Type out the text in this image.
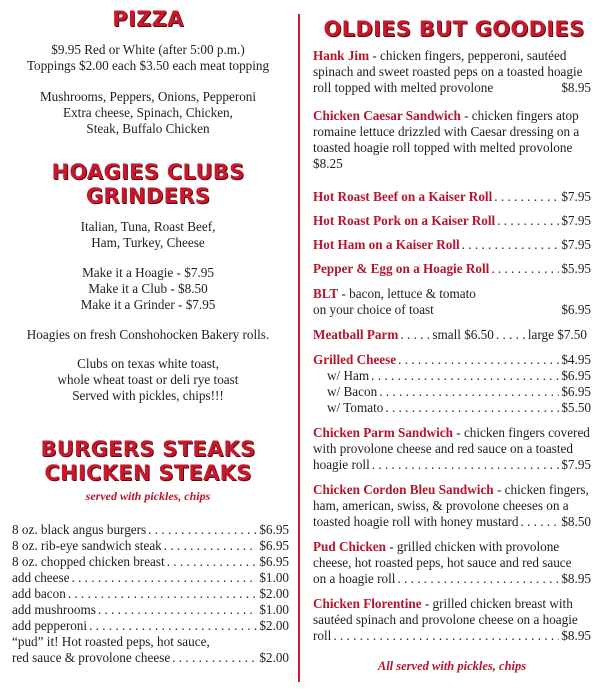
PIZZA
$9.95 Red or White (after 5:00 p.m.)
Toppings $2.00 each $3.50 each meat topping
Mushrooms, Peppers, Onions, Pepperoni
Extra cheese, Spinach, Chicken,
Steak, Buffalo Chicken
HOAGIES CLUBS
GRINDERS
Italian, Tuna, Roast Beef,
Ham, Turkey, Cheese
Make it a Hoagie - $7.95
Make it a Club - $8.50
Make it a Grinder - $7.95
Hoagies on fresh Conshohocken Bakery rolls.
Clubs on texas white toast,
whole wheat toast or deli rye toast
Served with pickles, chips!!!
BURGERS STEAKS
CHICKEN STEAKS
served with pickles, chips
8 oz. black angus burgers . . .	$6.95
8 oz. rib-eye sandwich steak . . .	$6.95
8 oz. chopped chicken breast . . .	$6.95
add cheese . . .	$1.00
add bacon . . .	$2.00
add mushrooms . . .	$1.00
add pepperoni . . .	$2.00
“pud” it! Hot roasted peps, hot sauce,
red sauce & provolone cheese . . .	$2.00
OLDIES BUT GOODIES
Hank Jim - chicken fingers, pepperoni, sautéed spinach and sweet roasted peps on a toasted hoagie roll topped with melted provolone	$8.95
Chicken Caesar Sandwich - chicken fingers atop romaine lettuce drizzled with Caesar dressing on a toasted hoagie roll topped with melted provolone $8.25
Hot Roast Beef on a Kaiser Roll . . .	$7.95
Hot Roast Pork on a Kaiser Roll . . .	$7.95
Hot Ham on a Kaiser Roll . . .	$7.95
Pepper & Egg on a Hoagie Roll . . .	$5.95
BLT - bacon, lettuce & tomato
on your choice of toast	$6.95
Meatball Parm . . .	small $6.50 . . .	large $7.50
Grilled Cheese . . .	$4.95
w/ Ham . . .	$6.95
w/ Bacon . . .	$6.95
w/ Tomato . . .	$5.50
Chicken Parm Sandwich - chicken fingers covered with provolone cheese and red sauce on a toasted
hoagie roll . . .	$7.95
Chicken Cordon Bleu Sandwich - chicken fingers, ham, american, swiss, & provolone cheeses on a
toasted hoagie roll with honey mustard . . .	$8.50
Pud Chicken - grilled chicken with provolone cheese, hot roasted peps, hot sauce and red sauce
on a hoagie roll . . .	$8.95
Chicken Florentine - grilled chicken breast with sautéed spinach and provolone cheese on a hoagie
roll . . .	$8.95
All served with pickles, chips
